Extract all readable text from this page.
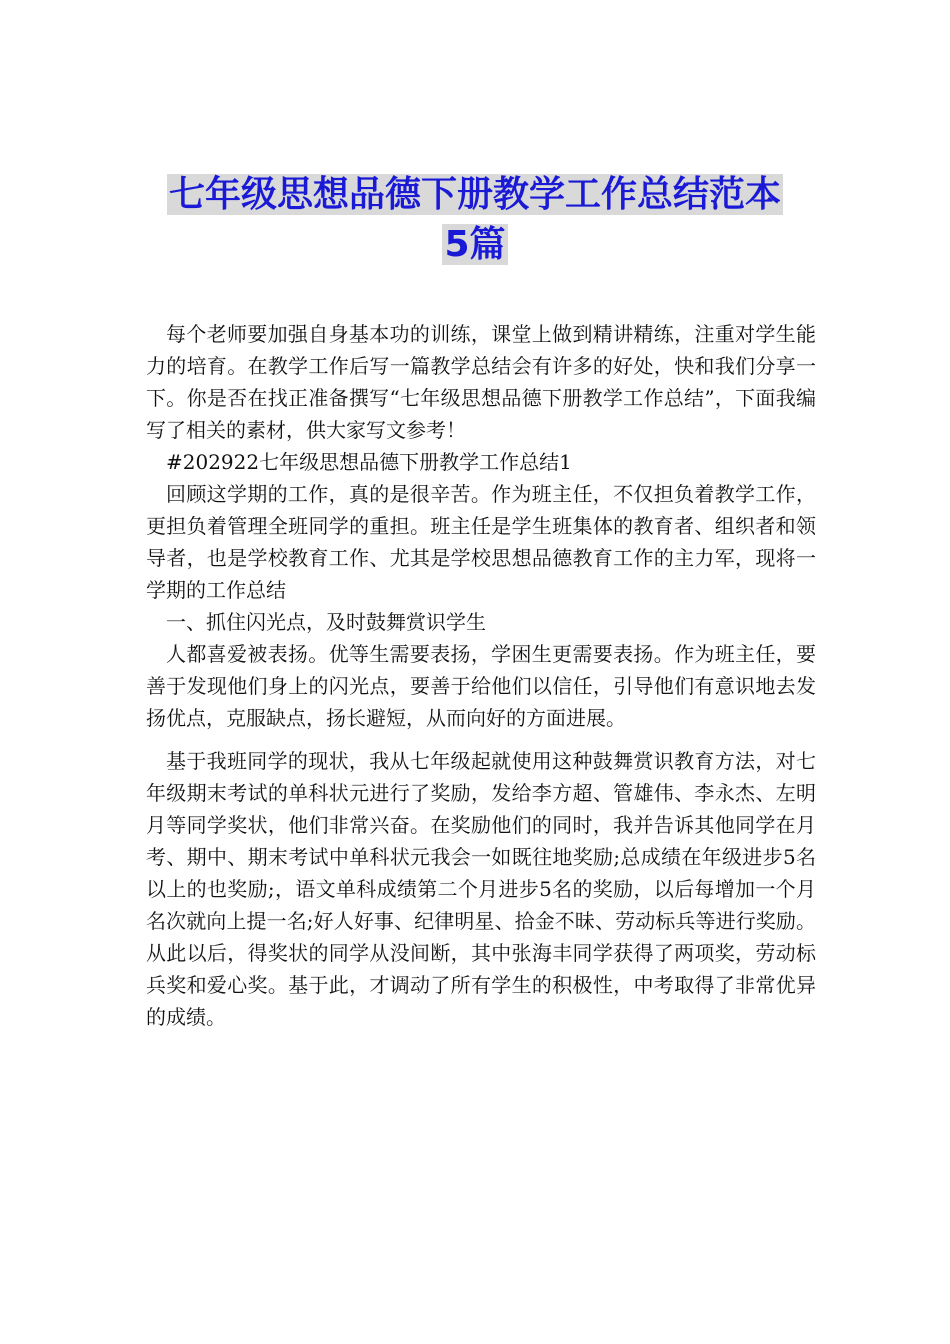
七年级思想品德下册教学工作总结范本
5篇

每个老师要加强自身基本功的训练，课堂上做到精讲精练，注重对学生能力的培育。在教学工作后写一篇教学总结会有许多的好处，快和我们分享一下。你是否在找正准备撰写“七年级思想品德下册教学工作总结”，下面我编写了相关的素材，供大家写文参考！

#202922七年级思想品德下册教学工作总结1

回顾这学期的工作，真的是很辛苦。作为班主任，不仅担负着教学工作，更担负着管理全班同学的重担。班主任是学生班集体的教育者、组织者和领导者，也是学校教育工作、尤其是学校思想品德教育工作的主力军，现将一学期的工作总结

一、抓住闪光点，及时鼓舞赏识学生

人都喜爱被表扬。优等生需要表扬，学困生更需要表扬。作为班主任，要善于发现他们身上的闪光点，要善于给他们以信任，引导他们有意识地去发扬优点，克服缺点，扬长避短，从而向好的方面进展。

基于我班同学的现状，我从七年级起就使用这种鼓舞赏识教育方法，对七年级期末考试的单科状元进行了奖励，发给李方超、管雄伟、李永杰、左明月等同学奖状，他们非常兴奋。在奖励他们的同时，我并告诉其他同学在月考、期中、期末考试中单科状元我会一如既往地奖励;总成绩在年级进步5名以上的也奖励;，语文单科成绩第二个月进步5名的奖励，以后每增加一个月名次就向上提一名;好人好事、纪律明星、拾金不昧、劳动标兵等进行奖励。从此以后，得奖状的同学从没间断，其中张海丰同学获得了两项奖，劳动标兵奖和爱心奖。基于此，才调动了所有学生的积极性，中考取得了非常优异的成绩。
